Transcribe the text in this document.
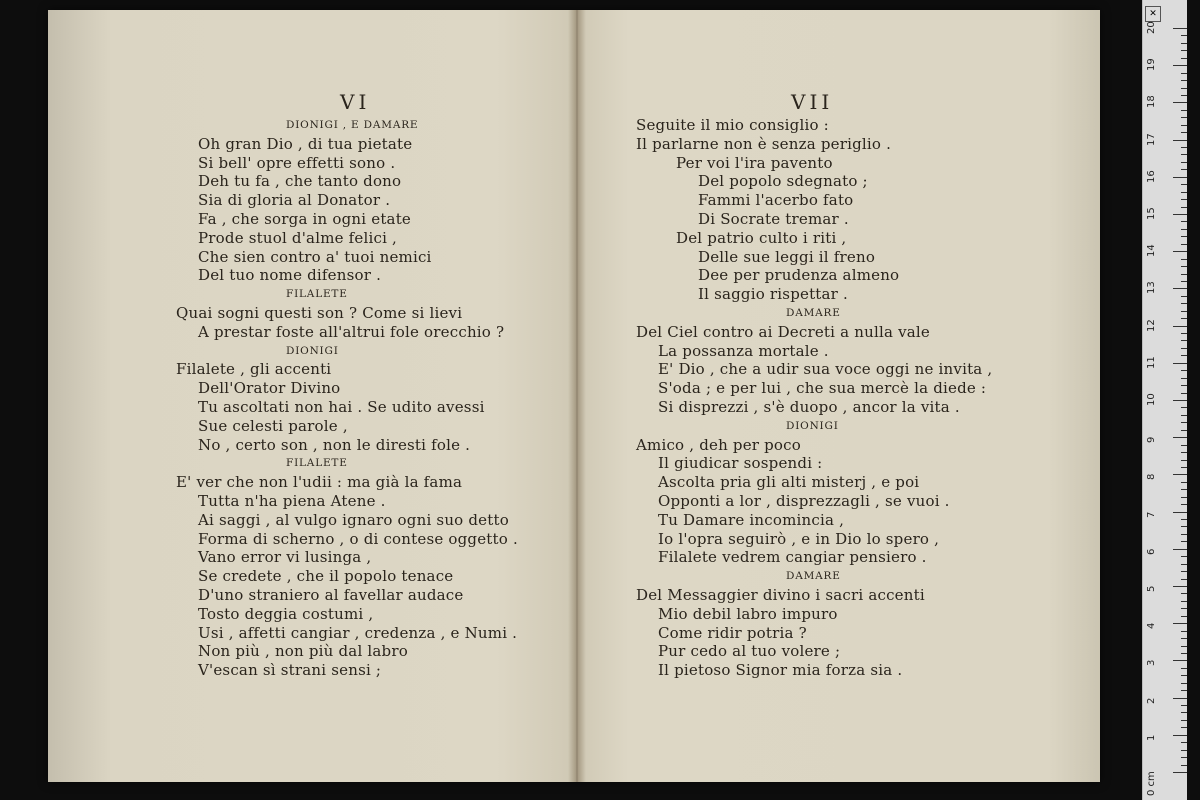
VI
DIONIGI , E DAMARE
Oh gran Dio , di tua pietate
Si bell' opre effetti sono .
Deh tu fa , che tanto dono
Sia di gloria al Donator .
Fa , che sorga in ogni etate
Prode stuol d'alme felici ,
Che sien contro a' tuoi nemici
Del tuo nome difensor .
FILALETE
Quai sogni questi son ? Come si lievi
A prestar foste all'altrui fole orecchio ?
DIONIGI
Filalete , gli accenti
Dell'Orator Divino
Tu ascoltati non hai . Se udito avessi
Sue celesti parole ,
No , certo son , non le diresti fole .
FILALETE
E' ver che non l'udii : ma già la fama
Tutta n'ha piena Atene .
Ai saggi , al vulgo ignaro ogni suo detto
Forma di scherno , o di contese oggetto .
Vano error vi lusinga ,
Se credete , che il popolo tenace
D'uno straniero al favellar audace
Tosto deggia costumi ,
Usi , affetti cangiar , credenza , e Numi .
Non più , non più dal labro
V'escan sì strani sensi ;
VII
Seguite il mio consiglio :
Il parlarne non è senza periglio .
Per voi l'ira pavento
Del popolo sdegnato ;
Fammi l'acerbo fato
Di Socrate tremar .
Del patrio culto i riti ,
Delle sue leggi il freno
Dee per prudenza almeno
Il saggio rispettar .
DAMARE
Del Ciel contro ai Decreti a nulla vale
La possanza mortale .
E' Dio , che a udir sua voce oggi ne invita ,
S'oda ; e per lui , che sua mercè la diede :
Si disprezzi , s'è duopo , ancor la vita .
DIONIGI
Amico , deh per poco
Il giudicar sospendi :
Ascolta pria gli alti misterj , e poi
Opponti a lor , disprezzagli , se vuoi .
Tu Damare incomincia ,
Io l'opra seguirò , e in Dio lo spero ,
Filalete vedrem cangiar pensiero .
DAMARE
Del Messaggier divino i sacri accenti
Mio debil labro impuro
Come ridir potria ?
Pur cedo al tuo volere ;
Il pietoso Signor mia forza sia .
✕
1
2
3
4
5
6
7
8
9
10
11
12
13
14
15
16
17
18
19
20
0 cm
